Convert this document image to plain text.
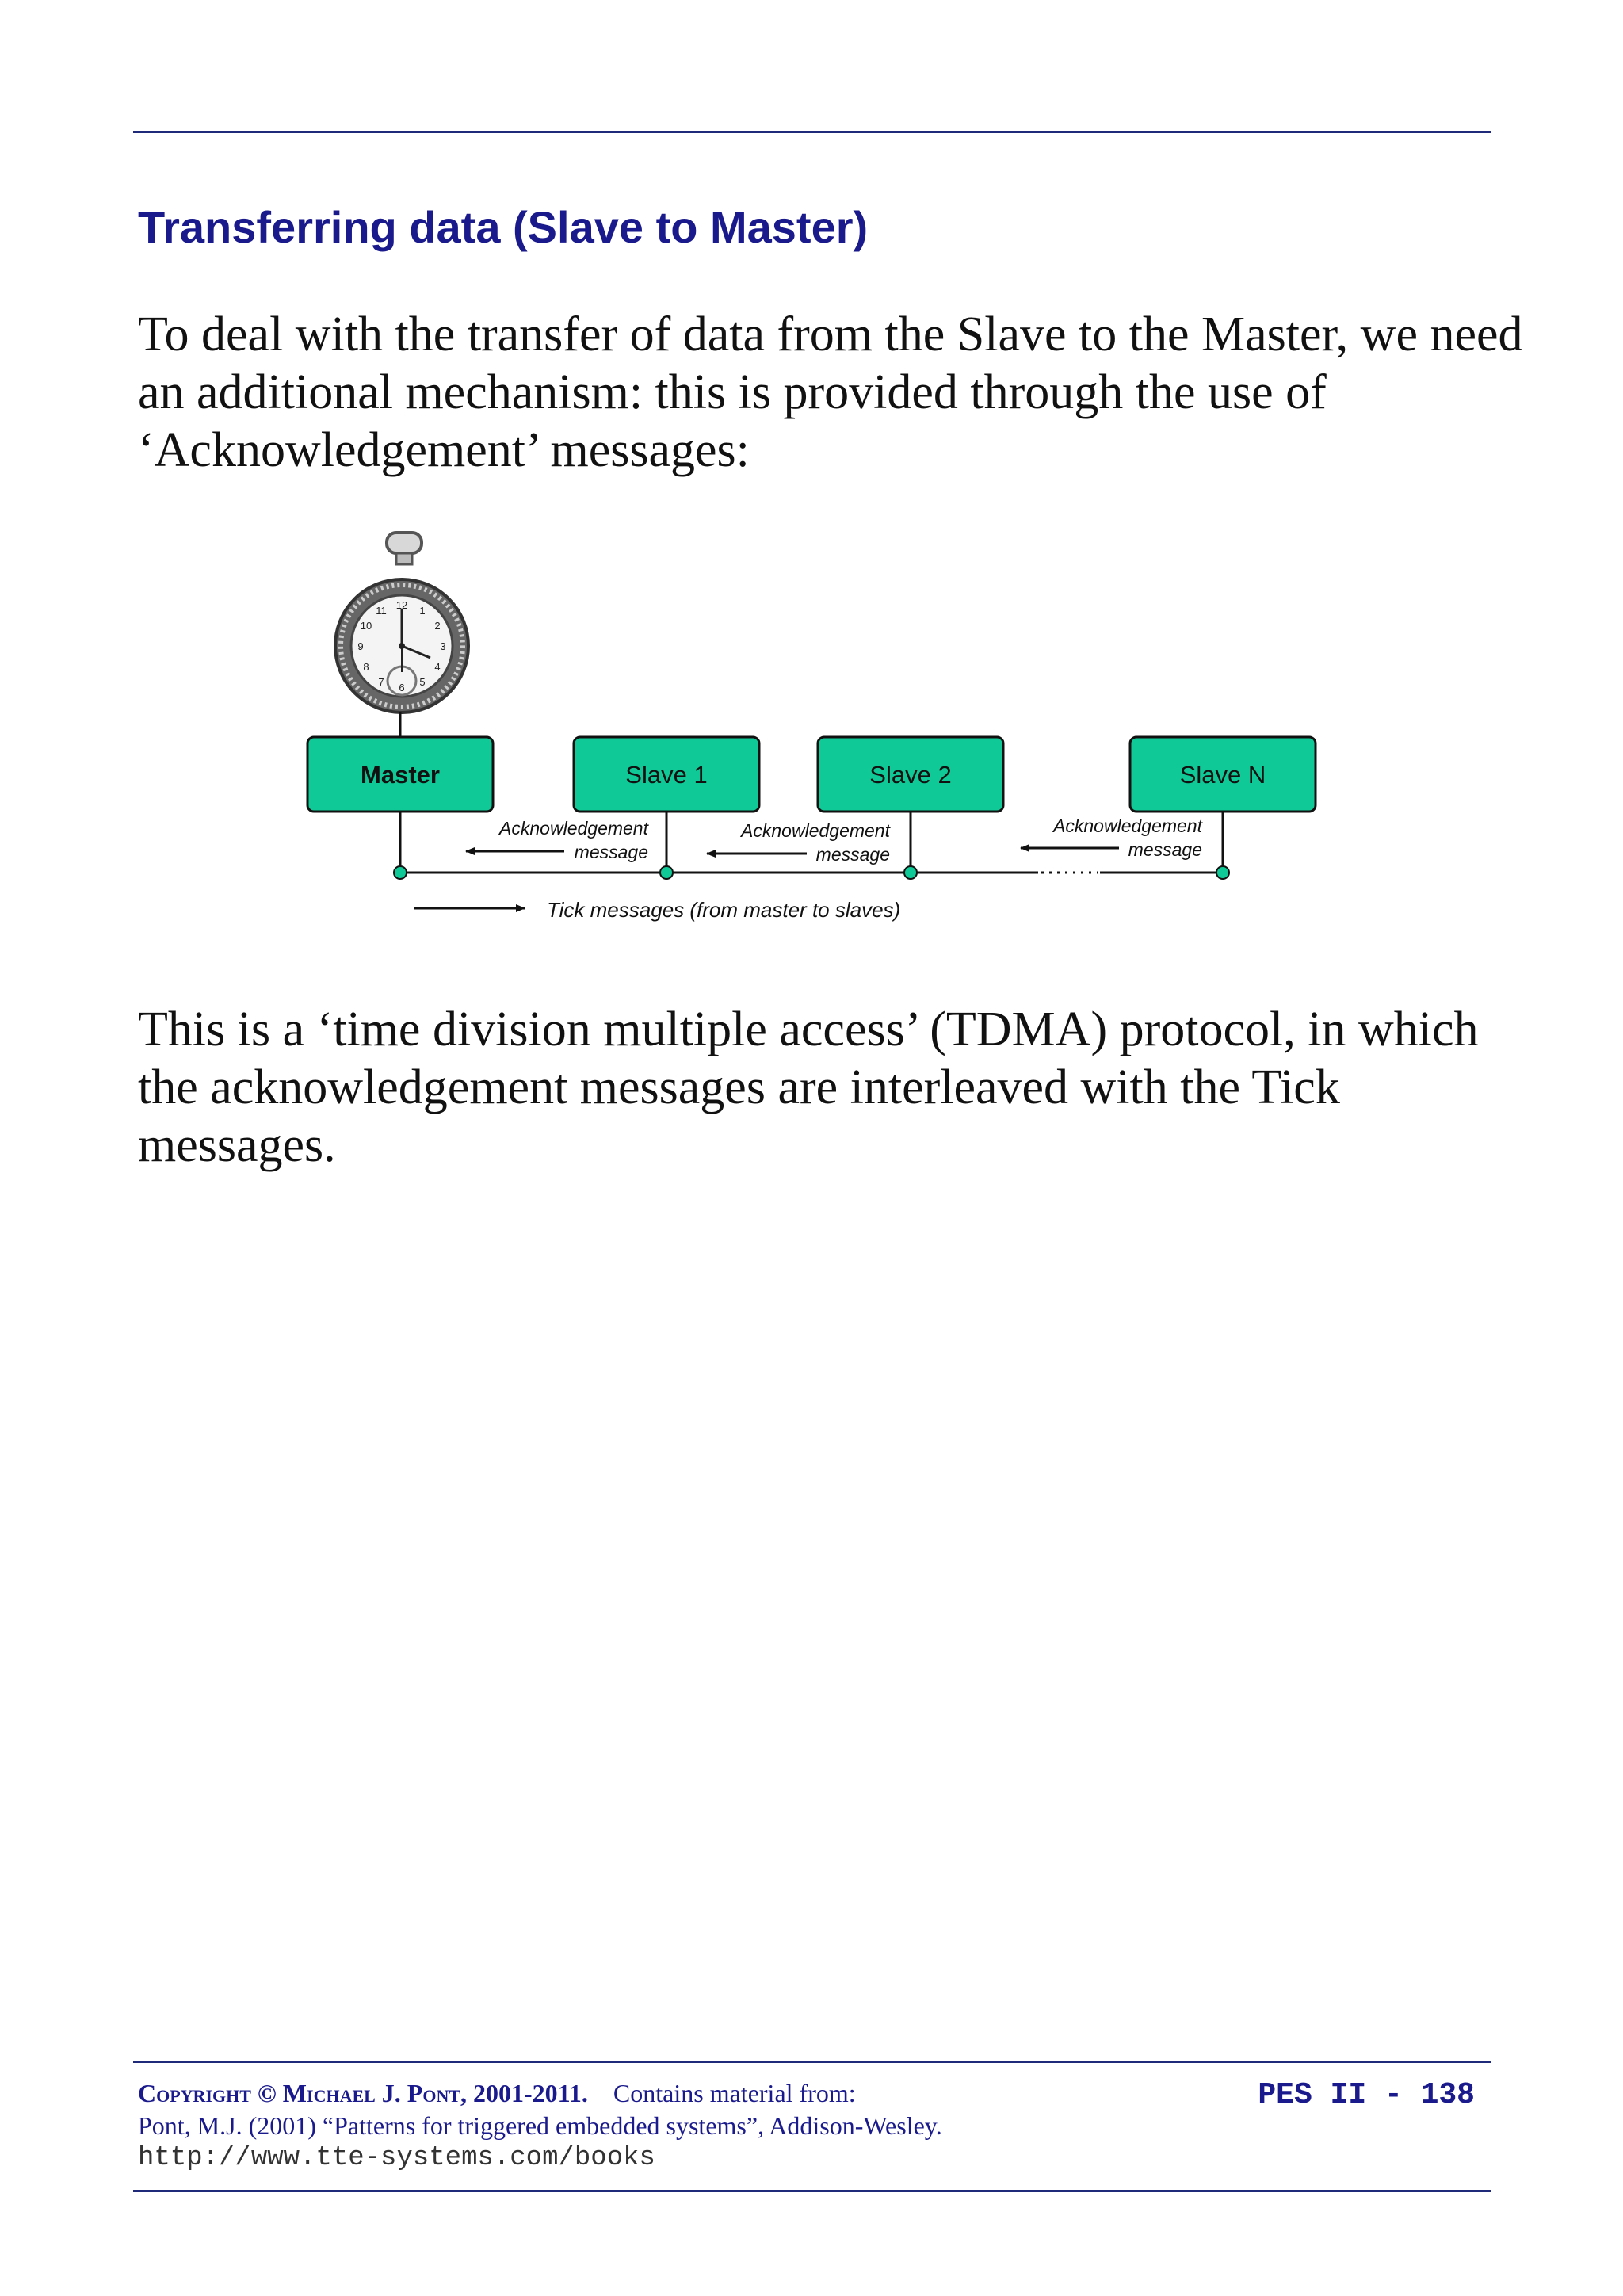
Transferring data (Slave to Master)
To deal with the transfer of data from the Slave to the Master, we need an additional mechanism: this is provided through the use of ‘Acknowledgement’ messages:
12 1
2
3
4
5
6
7
8
9
10
11
Master	Slave 1	Slave 2	Slave N
Acknowledgement
message
Acknowledgement
message
Acknowledgement
message
Tick messages (from master to slaves)
This is a ‘time division multiple access’ (TDMA) protocol, in which the acknowledgement messages are interleaved with the Tick messages.
Copyright © Michael J. Pont, 2001-2011. Contains material from:
Pont, M.J. (2001) “Patterns for triggered embedded systems”, Addison-Wesley.
http://www.tte-systems.com/books
PES II - 138
